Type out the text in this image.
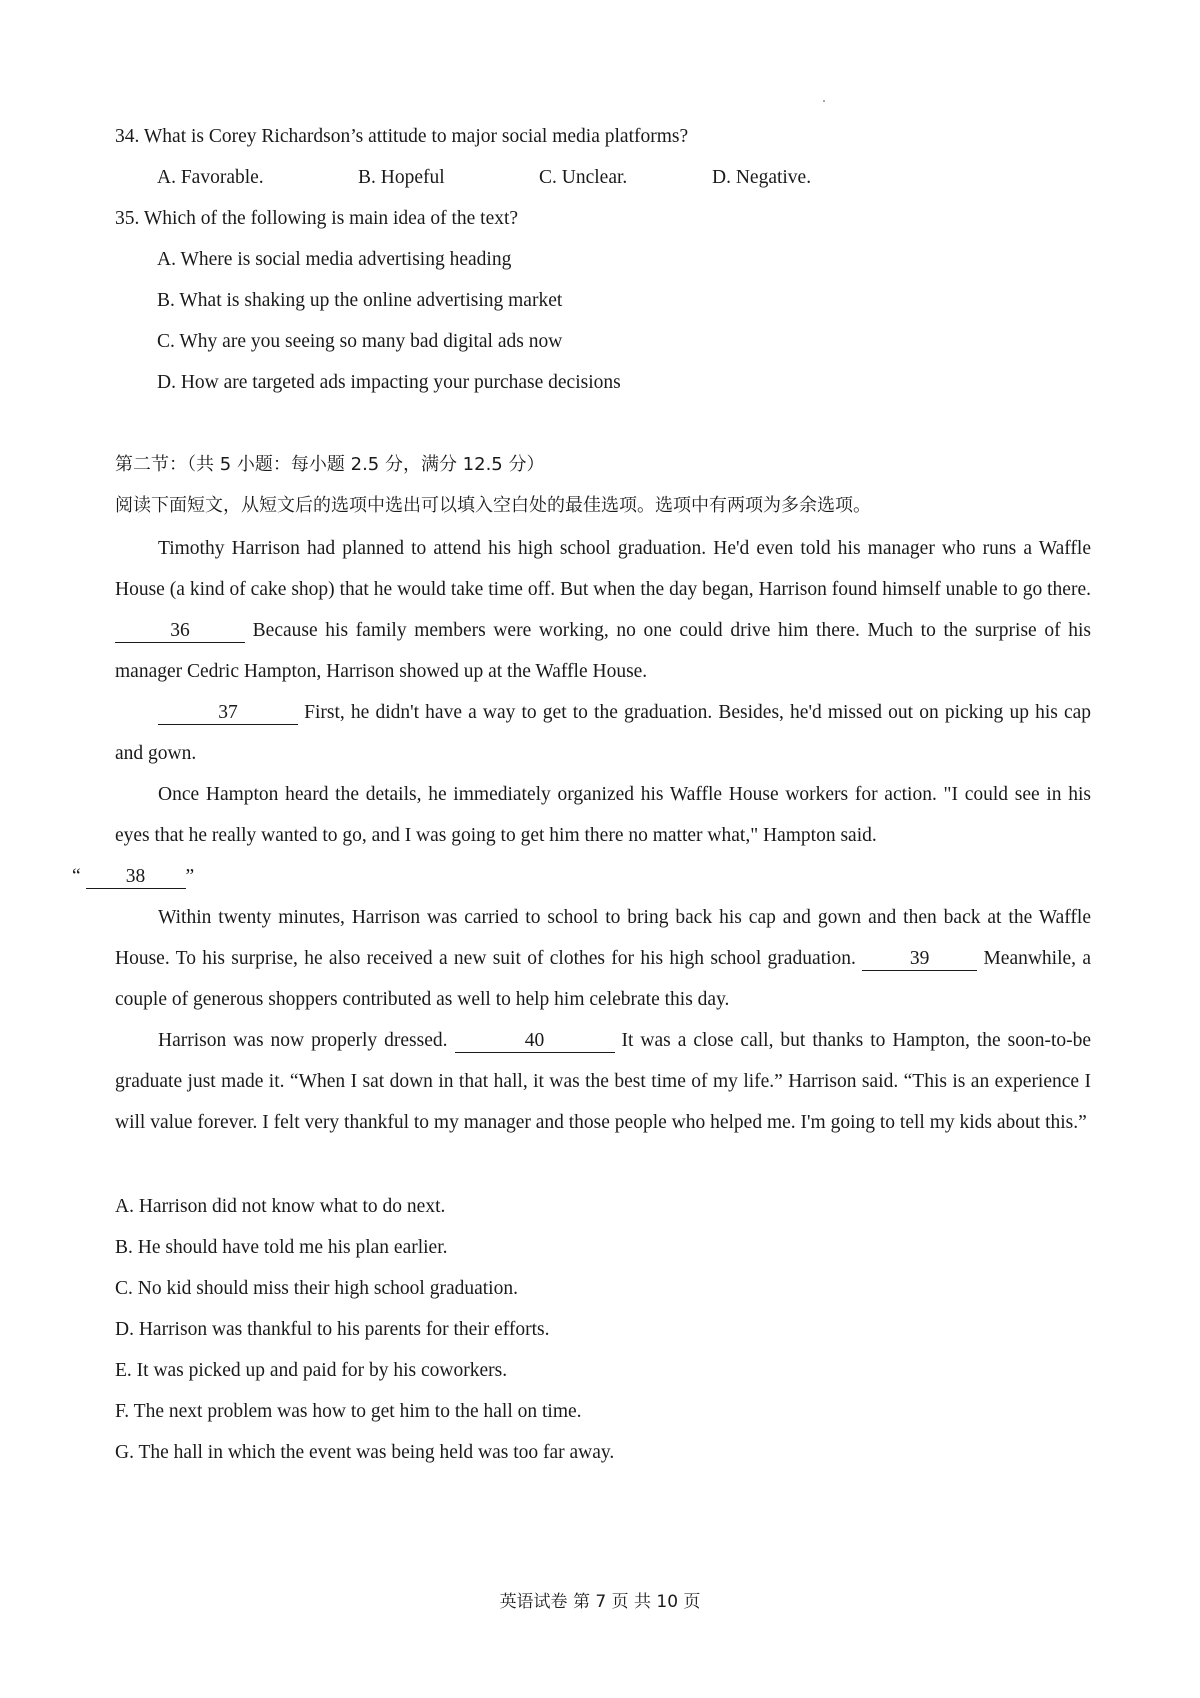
34. What is Corey Richardson’s attitude to major social media platforms?
A. Favorable.	B. Hopeful	C. Unclear.	D. Negative.
35. Which of the following is main idea of the text?
A. Where is social media advertising heading
B. What is shaking up the online advertising market
C. Why are you seeing so many bad digital ads now
D. How are targeted ads impacting your purchase decisions
第二节：（共 5 小题：每小题 2.5 分，满分 12.5 分）
阅读下面短文，从短文后的选项中选出可以填入空白处的最佳选项。选项中有两项为多余选项。
Timothy Harrison had planned to attend his high school graduation. He'd even told his manager who runs a Waffle House (a kind of cake shop) that he would take time off. But when the day began, Harrison found himself unable to go there. 36	Because his family members were working, no one could drive him there. Much to the surprise of his manager Cedric Hampton, Harrison showed up at the Waffle House.
37	First, he didn't have a way to get to the graduation. Besides, he'd missed out on picking up his cap and gown.
Once Hampton heard the details, he immediately organized his Waffle House workers for action. "I could see in his eyes that he really wanted to go, and I was going to get him there no matter what," Hampton said.
“ 38 ”
Within twenty minutes, Harrison was carried to school to bring back his cap and gown and then back at the Waffle House. To his surprise, he also received a new suit of clothes for his high school graduation.	39	Meanwhile, a couple of generous shoppers contributed as well to help him celebrate this day.
Harrison was now properly dressed.	40	It was a close call, but thanks to Hampton, the soon-to-be graduate just made it. “When I sat down in that hall, it was the best time of my life.” Harrison said. “This is an experience I will value forever. I felt very thankful to my manager and those people who helped me. I'm going to tell my kids about this.”
A. Harrison did not know what to do next.
B. He should have told me his plan earlier.
C. No kid should miss their high school graduation.
D. Harrison was thankful to his parents for their efforts.
E. It was picked up and paid for by his coworkers.
F. The next problem was how to get him to the hall on time.
G. The hall in which the event was being held was too far away.
英语试卷 第 7 页 共 10 页
